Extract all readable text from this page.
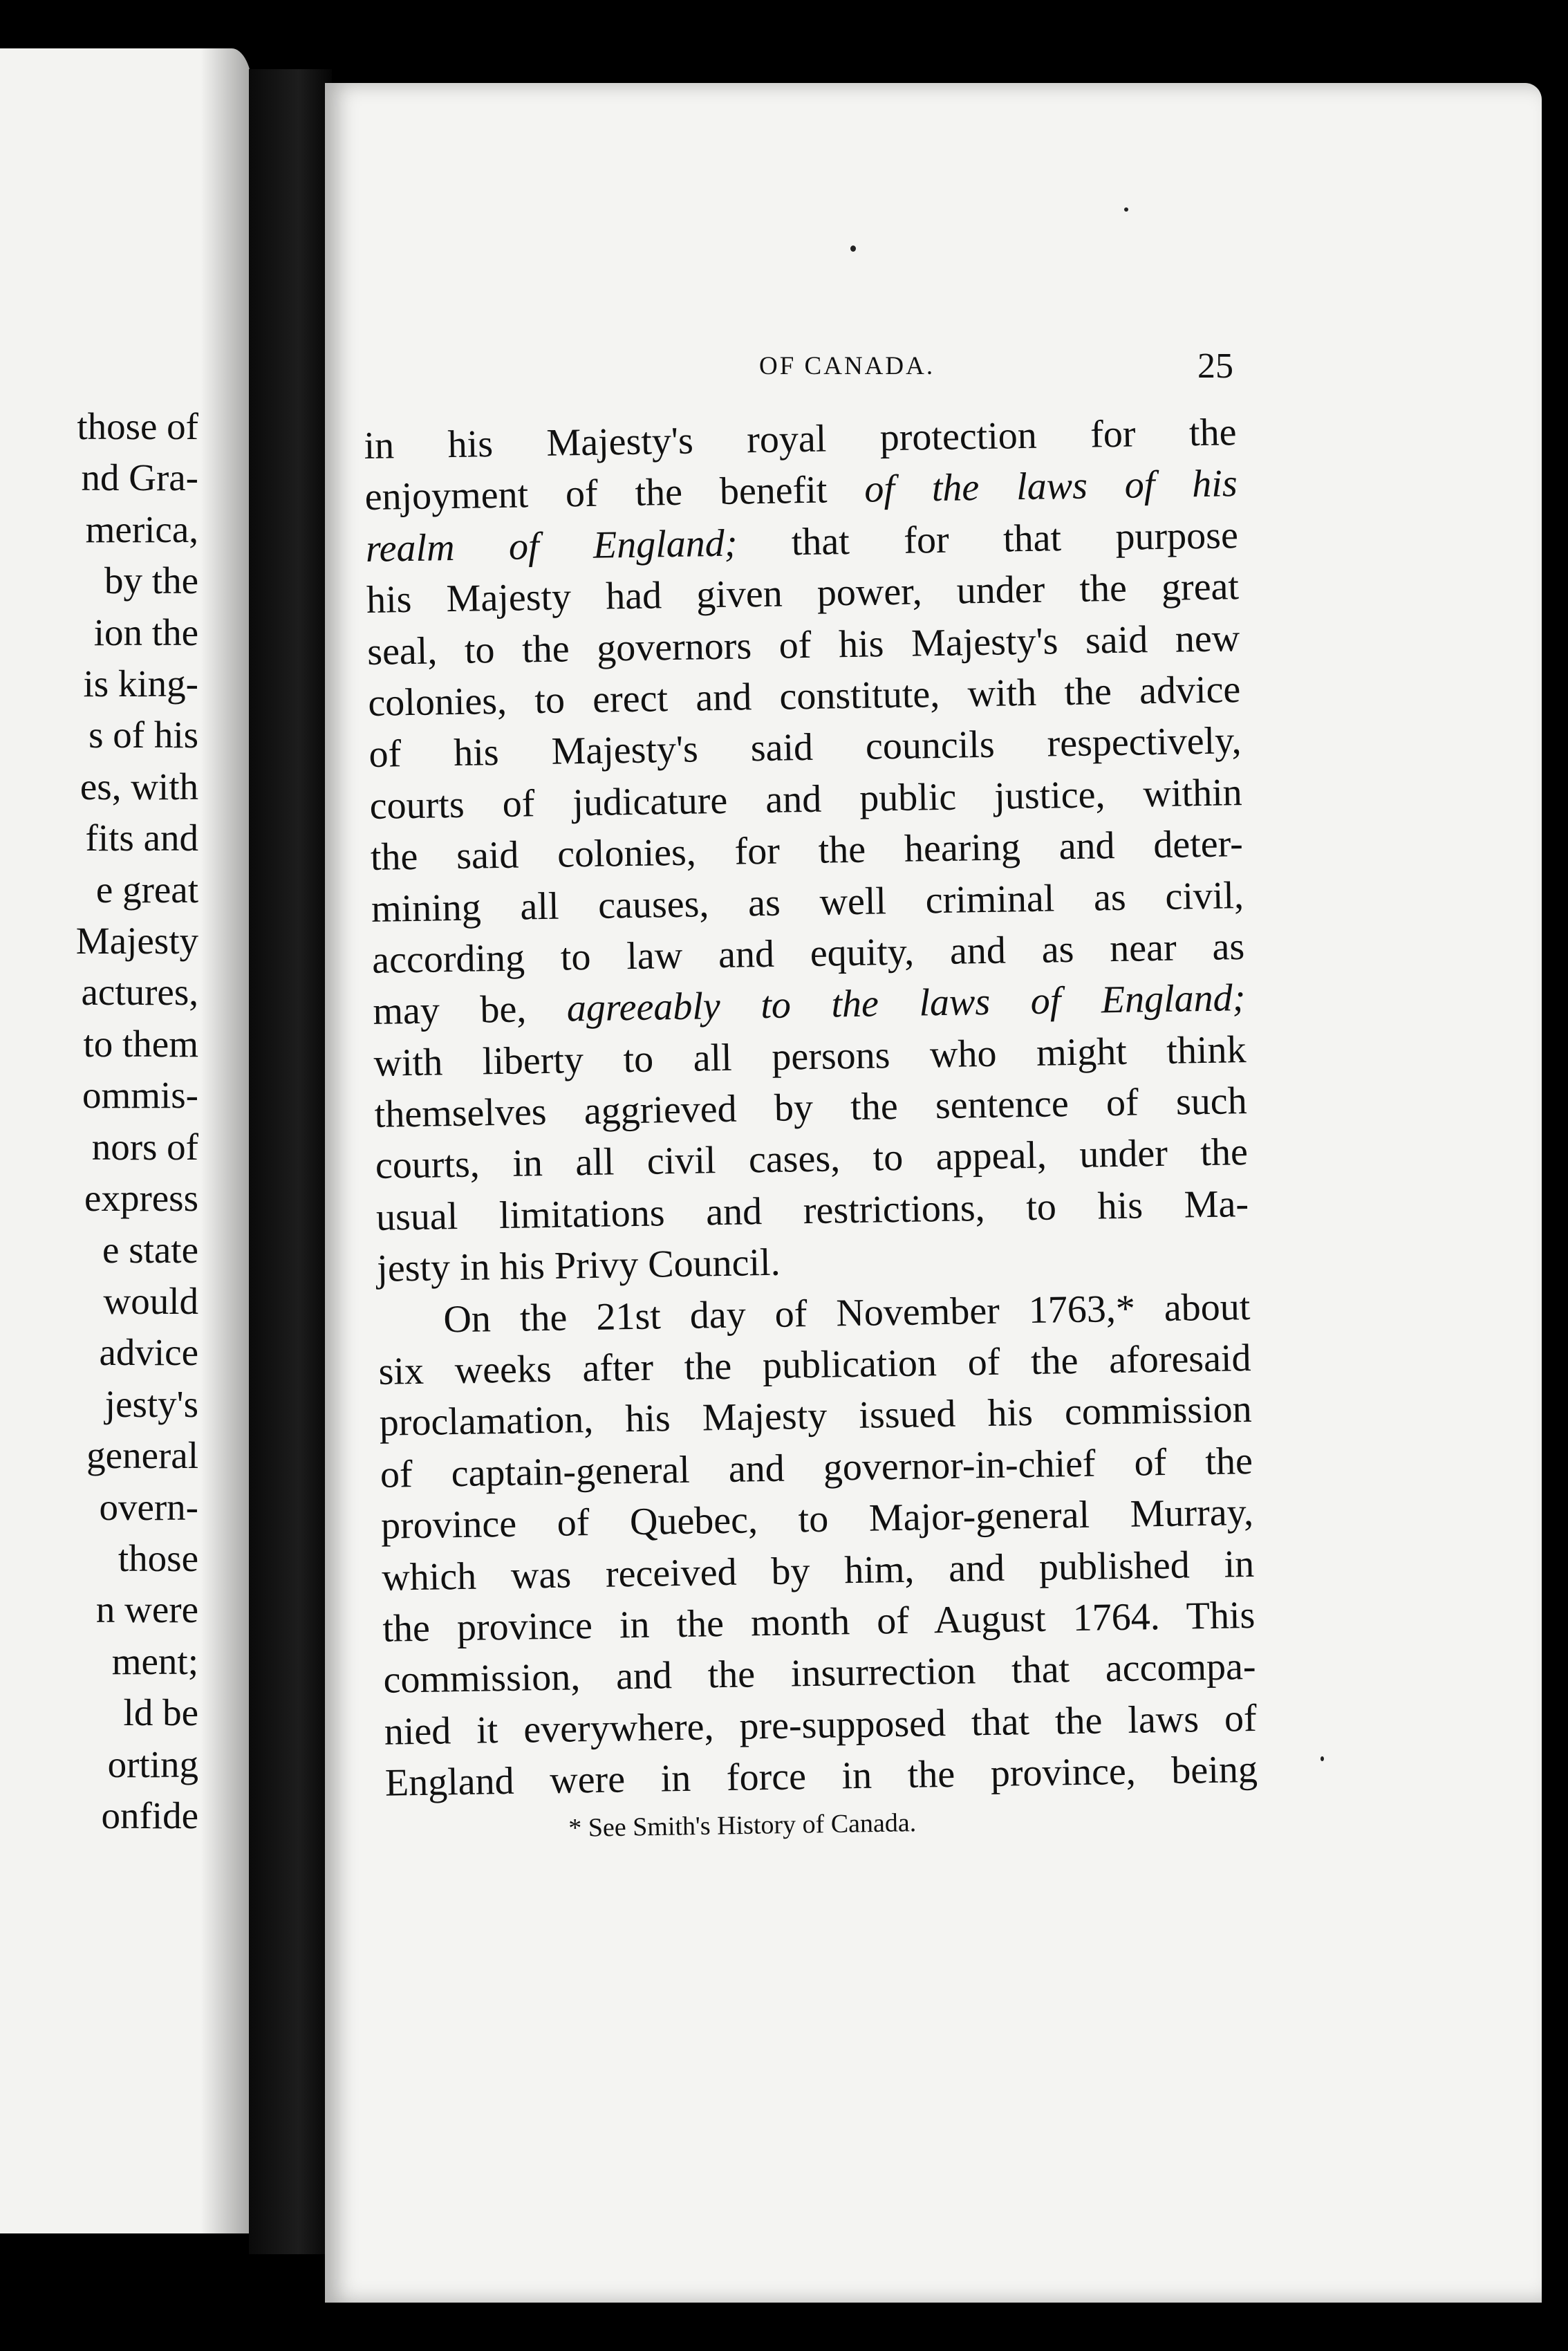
those of
nd Gra-
merica,
by the
ion the
is king-
s of his
es, with
fits and
e great
Majesty
actures,
to them
ommis-
nors of
express
e state
would
advice
jesty's
general
overn-
those
n were
ment;
ld be
orting
onfide
OF CANADA.	25
in his Majesty's royal protection for the
enjoyment of the benefit of the laws of his
realm of England; that for that purpose
his Majesty had given power, under the great
seal, to the governors of his Majesty's said new
colonies, to erect and constitute, with the advice
of his Majesty's said councils respectively,
courts of judicature and public justice, within
the said colonies, for the hearing and deter-
mining all causes, as well criminal as civil,
according to law and equity, and as near as
may be, agreeably to the laws of England;
with liberty to all persons who might think
themselves aggrieved by the sentence of such
courts, in all civil cases, to appeal, under the
usual limitations and restrictions, to his Ma-
jesty in his Privy Council.
On the 21st day of November 1763,* about
six weeks after the publication of the aforesaid
proclamation, his Majesty issued his commission
of captain-general and governor-in-chief of the
province of Quebec, to Major-general Murray,
which was received by him, and published in
the province in the month of August 1764. This
commission, and the insurrection that accompa-
nied it everywhere, pre-supposed that the laws of
England were in force in the province, being
* See Smith's History of Canada.
